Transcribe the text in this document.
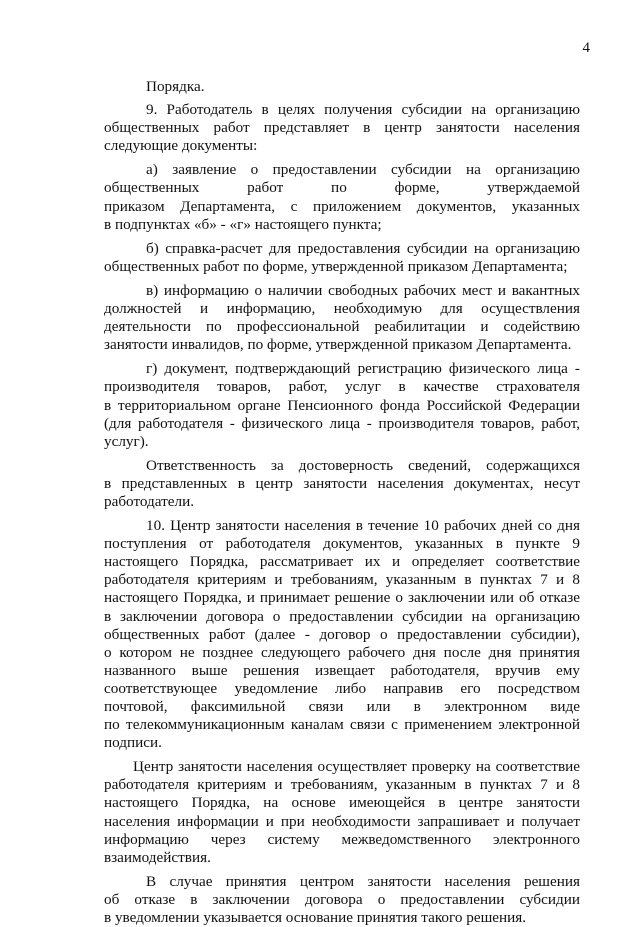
4
Порядка.
9. Работодатель в целях получения субсидии на организацию
общественных работ представляет в центр занятости населения
следующие документы:
а) заявление о предоставлении субсидии на организацию
общественных работ по форме, утверждаемой
приказом Департамента, с приложением документов, указанных
в подпунктах «б» - «г» настоящего пункта;
б) справка-расчет для предоставления субсидии на организацию
общественных работ по форме, утвержденной приказом Департамента;
в) информацию о наличии свободных рабочих мест и вакантных
должностей и информацию, необходимую для осуществления
деятельности по профессиональной реабилитации и содействию
занятости инвалидов, по форме, утвержденной приказом Департамента.
г) документ, подтверждающий регистрацию физического лица -
производителя товаров, работ, услуг в качестве страхователя
в территориальном органе Пенсионного фонда Российской Федерации
(для работодателя - физического лица - производителя товаров, работ,
услуг).
Ответственность за достоверность сведений, содержащихся
в представленных в центр занятости населения документах, несут
работодатели.
10. Центр занятости населения в течение 10 рабочих дней со дня
поступления от работодателя документов, указанных в пункте 9
настоящего Порядка, рассматривает их и определяет соответствие
работодателя критериям и требованиям, указанным в пунктах 7 и 8
настоящего Порядка, и принимает решение о заключении или об отказе
в заключении договора о предоставлении субсидии на организацию
общественных работ (далее - договор о предоставлении субсидии),
о котором не позднее следующего рабочего дня после дня принятия
названного выше решения извещает работодателя, вручив ему
соответствующее уведомление либо направив его посредством
почтовой, факсимильной связи или в электронном виде
по телекоммуникационным каналам связи с применением электронной
подписи.
Центр занятости населения осуществляет проверку на соответствие
работодателя критериям и требованиям, указанным в пунктах 7 и 8
настоящего Порядка, на основе имеющейся в центре занятости
населения информации и при необходимости запрашивает и получает
информацию через систему межведомственного электронного
взаимодействия.
В случае принятия центром занятости населения решения
об отказе в заключении договора о предоставлении субсидии
в уведомлении указывается основание принятия такого решения.
